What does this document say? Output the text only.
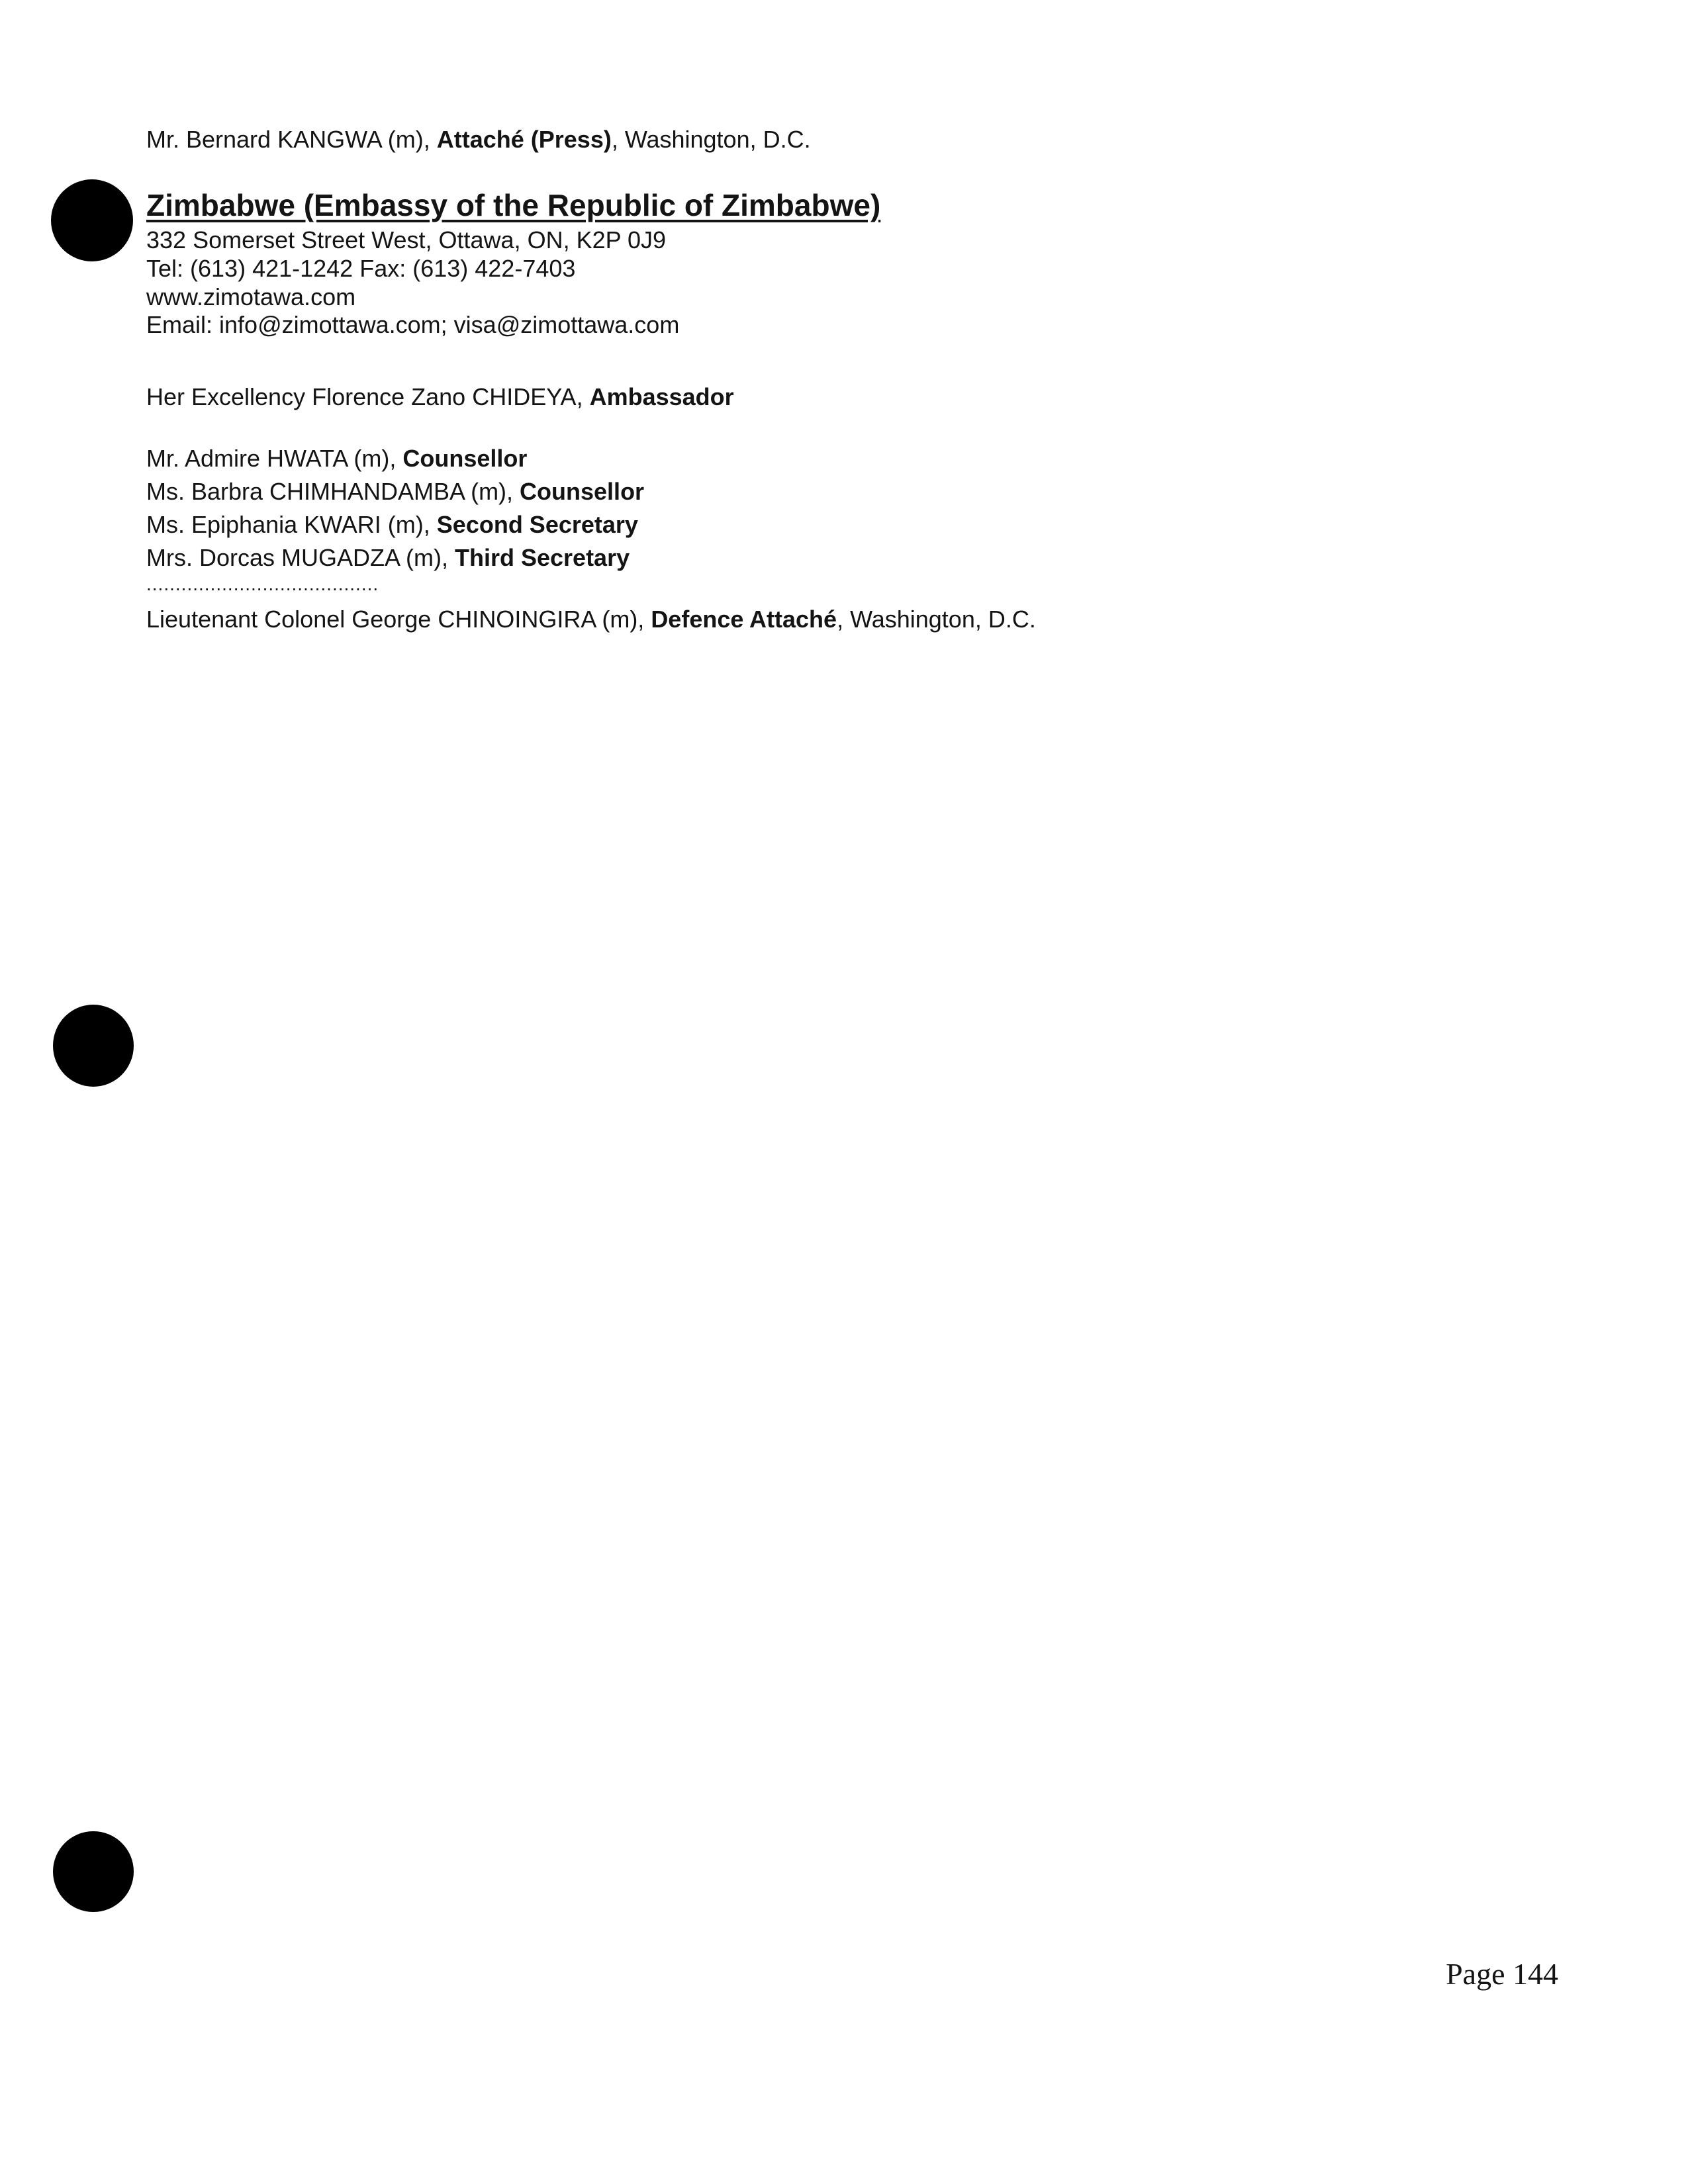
Mr. Bernard KANGWA (m), Attaché (Press), Washington, D.C.
Zimbabwe (Embassy of the Republic of Zimbabwe)
332 Somerset Street West, Ottawa, ON, K2P 0J9
Tel: (613) 421-1242 Fax: (613) 422-7403
www.zimotawa.com
Email: info@zimottawa.com; visa@zimottawa.com
Her Excellency Florence Zano CHIDEYA, Ambassador
Mr. Admire HWATA (m), Counsellor
Ms. Barbra CHIMHANDAMBA (m), Counsellor
Ms. Epiphania KWARI (m), Second Secretary
Mrs. Dorcas MUGADZA (m), Third Secretary
........................................
Lieutenant Colonel George CHINOINGIRA (m), Defence Attaché, Washington, D.C.
Page 144
